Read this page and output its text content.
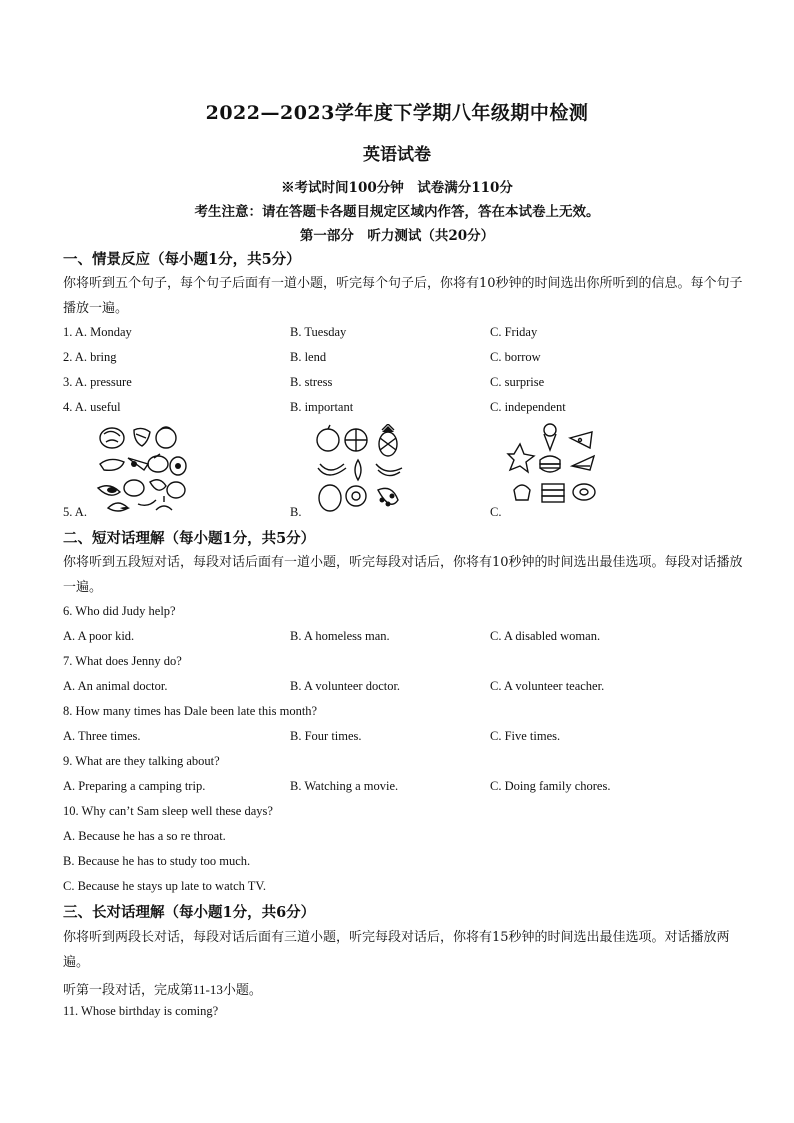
2022—2023学年度下学期八年级期中检测
英语试卷
※考试时间100分钟　试卷满分110分
考生注意：请在答题卡各题目规定区域内作答，答在本试卷上无效。
第一部分　听力测试（共20分）
一、情景反应（每小题1分，共5分）
你将听到五个句子，每个句子后面有一道小题，听完每个句子后，你将有10秒钟的时间选出你所听到的信息。每个句子播放一遍。
1. A. Monday	B. Tuesday	C. Friday
2. A. bring	B. lend	C. borrow
3. A. pressure	B. stress	C. surprise
4. A. useful	B. important	C. independent
5. A.	B.	C.
二、短对话理解（每小题1分，共5分）
你将听到五段短对话，每段对话后面有一道小题，听完每段对话后，你将有10秒钟的时间选出最佳选项。每段对话播放一遍。
6. Who did Judy help?
A. A poor kid.	B. A homeless man.	C. A disabled woman.
7. What does Jenny do?
A. An animal doctor.	B. A volunteer doctor.	C. A volunteer teacher.
8. How many times has Dale been late this month?
A. Three times.	B. Four times.	C. Five times.
9. What are they talking about?
A. Preparing a camping trip.	B. Watching a movie.	C. Doing family chores.
10. Why can’t Sam sleep well these days?
A. Because he has a so re throat.
B. Because he has to study too much.
C. Because he stays up late to watch TV.
三、长对话理解（每小题1分，共6分）
你将听到两段长对话，每段对话后面有三道小题，听完每段对话后，你将有15秒钟的时间选出最佳选项。对话播放两遍。
听第一段对话，完成第11-13小题。
11. Whose birthday is coming?
